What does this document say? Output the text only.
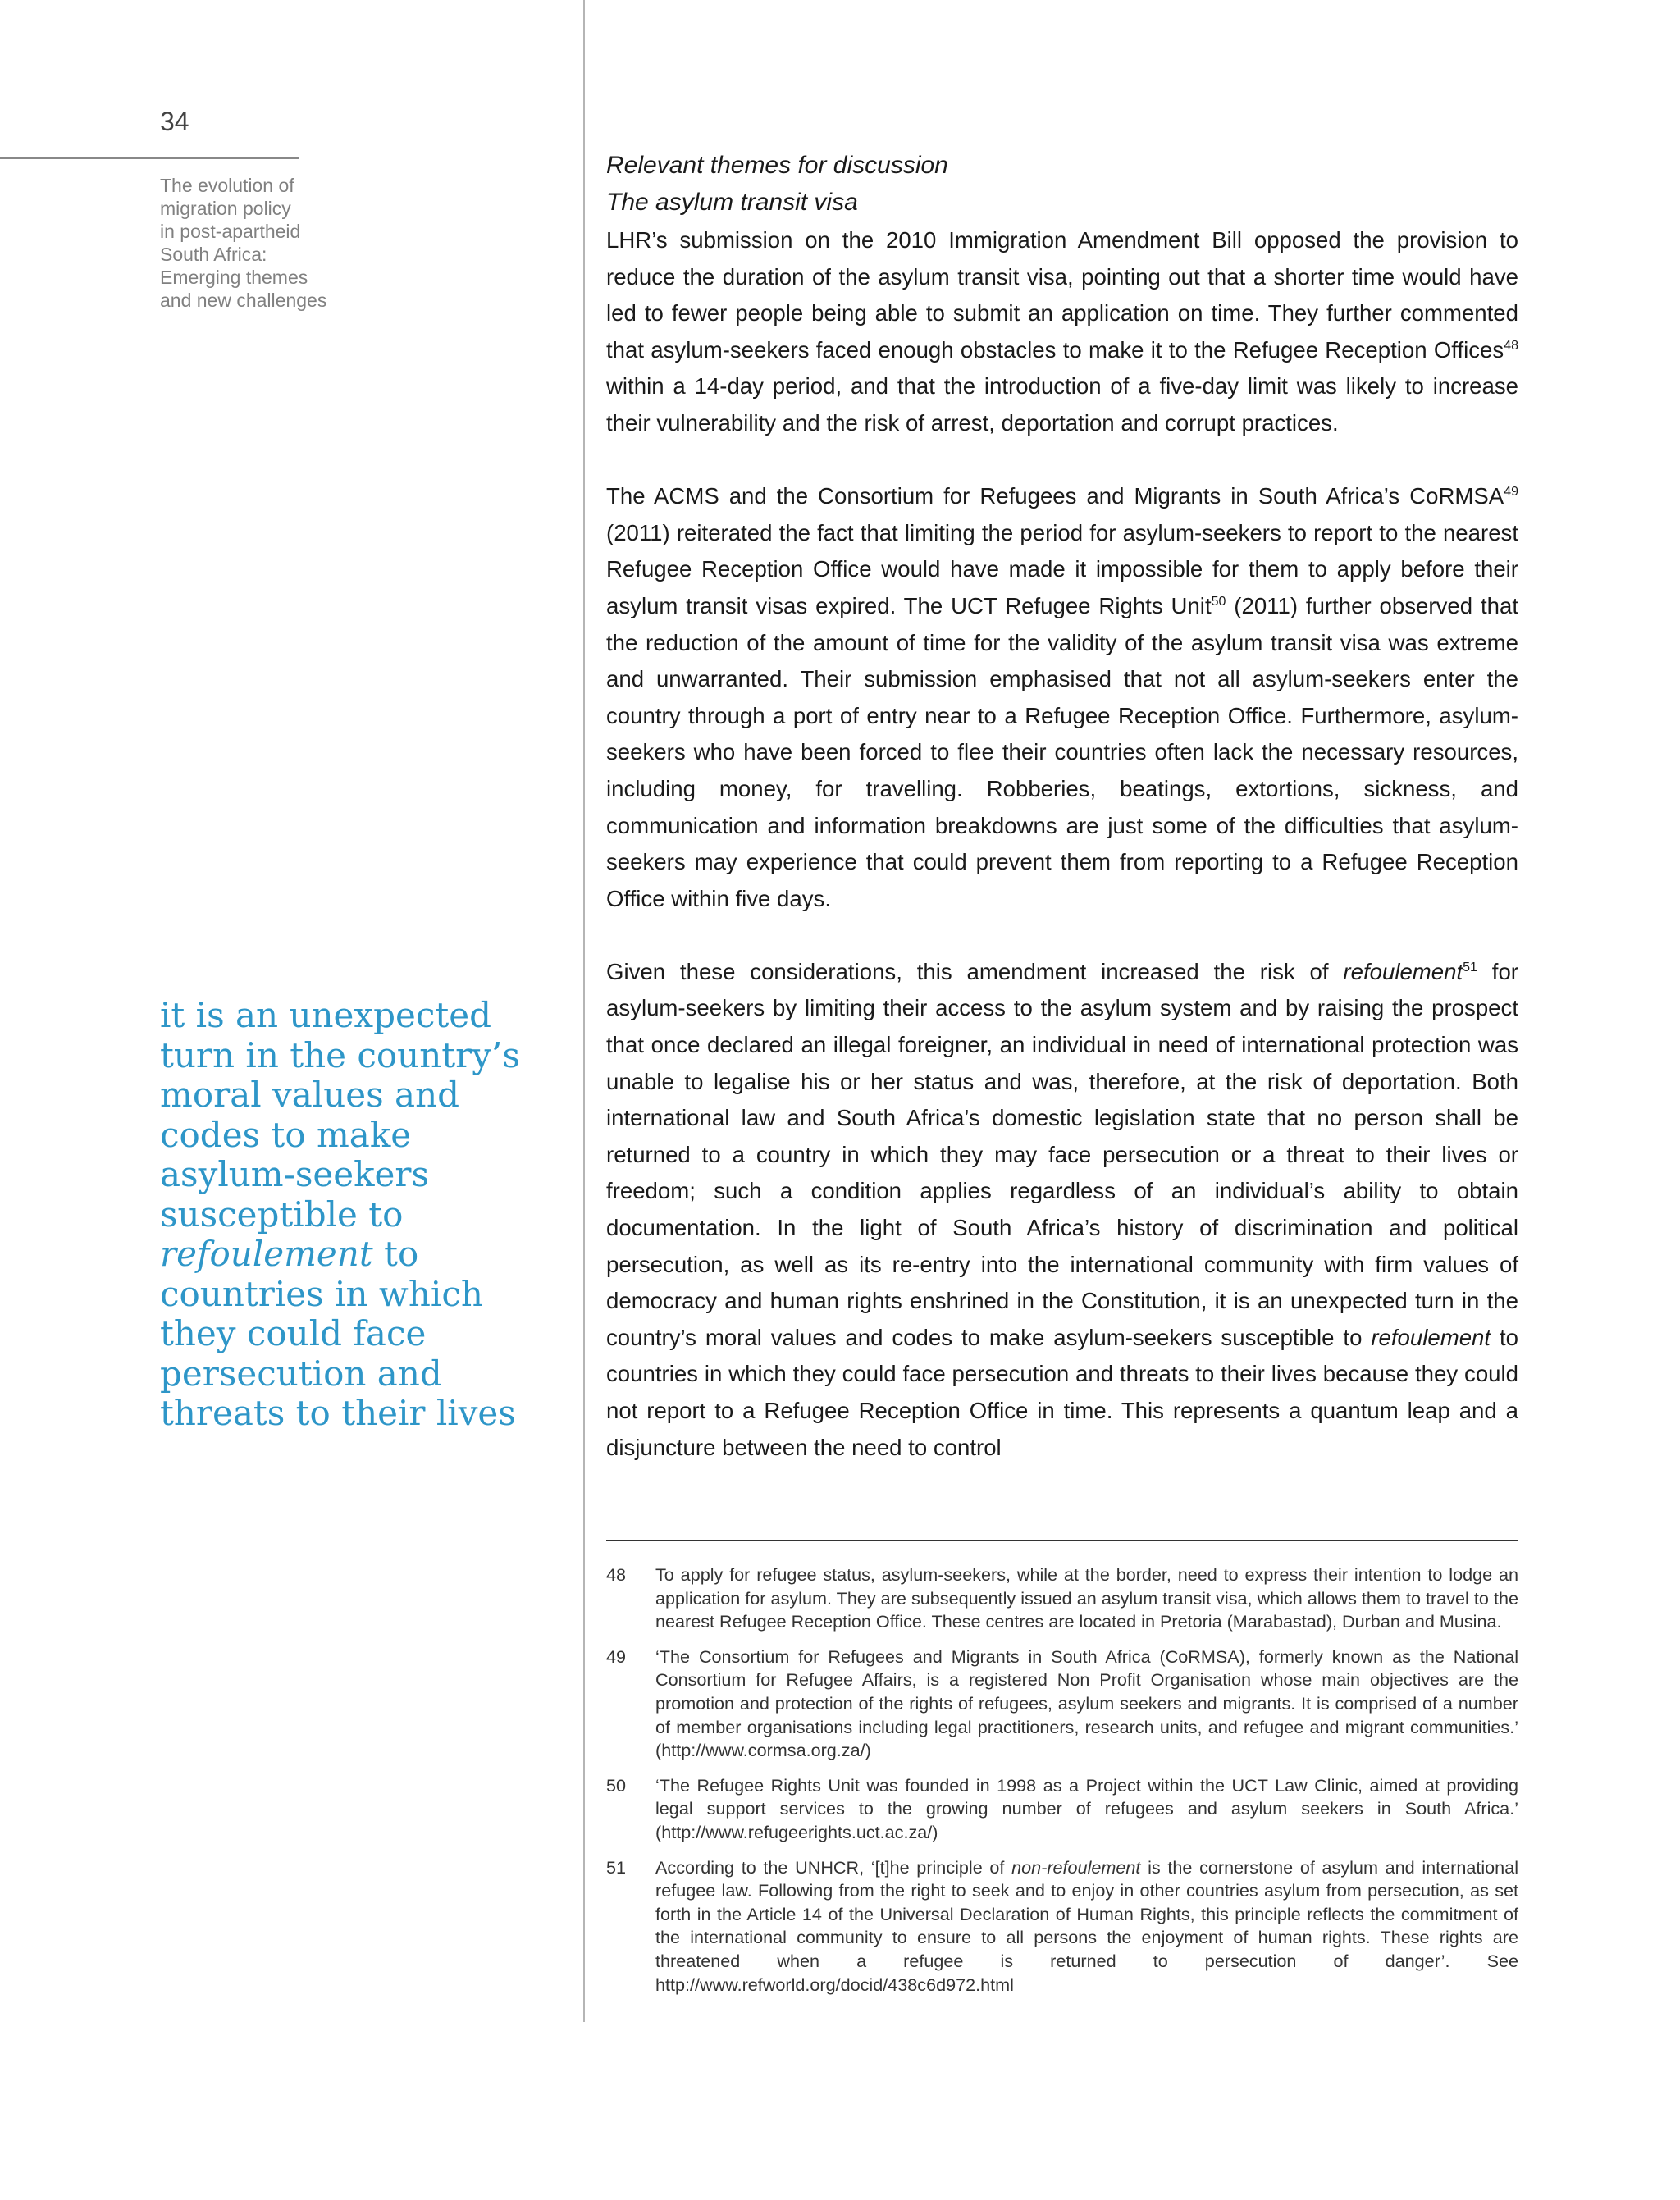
34
The evolution of
migration policy
in post-apartheid
South Africa:
Emerging themes
and new challenges
it is an unexpected turn in the country’s moral values and codes to make asylum-seekers susceptible to refoulement to countries in which they could face persecution and threats to their lives
Relevant themes for discussion
The asylum transit visa

LHR’s submission on the 2010 Immigration Amendment Bill opposed the provision to reduce the duration of the asylum transit visa, pointing out that a shorter time would have led to fewer people being able to submit an application on time. They further commented that asylum-seekers faced enough obstacles to make it to the Refugee Reception Offices$^{48}$ within a 14-day period, and that the introduction of a five-day limit was likely to increase their vulnerability and the risk of arrest, deportation and corrupt practices.

The ACMS and the Consortium for Refugees and Migrants in South Africa’s CoRMSA$^{49}$ (2011) reiterated the fact that limiting the period for asylum-seekers to report to the nearest Refugee Reception Office would have made it impossible for them to apply before their asylum transit visas expired. The UCT Refugee Rights Unit$^{50}$ (2011) further observed that the reduction of the amount of time for the validity of the asylum transit visa was extreme and unwarranted. Their submission emphasised that not all asylum-seekers enter the country through a port of entry near to a Refugee Reception Office. Furthermore, asylum-seekers who have been forced to flee their countries often lack the necessary resources, including money, for travelling. Robberies, beatings, extortions, sickness, and communication and information breakdowns are just some of the difficulties that asylum-seekers may experience that could prevent them from reporting to a Refugee Reception Office within five days.

Given these considerations, this amendment increased the risk of refoulement$^{51}$ for asylum-seekers by limiting their access to the asylum system and by raising the prospect that once declared an illegal foreigner, an individual in need of international protection was unable to legalise his or her status and was, therefore, at the risk of deportation. Both international law and South Africa’s domestic legislation state that no person shall be returned to a country in which they may face persecution or a threat to their lives or freedom; such a condition applies regardless of an individual’s ability to obtain documentation. In the light of South Africa’s history of discrimination and political persecution, as well as its re-entry into the international community with firm values of democracy and human rights enshrined in the Constitution, it is an unexpected turn in the country’s moral values and codes to make asylum-seekers susceptible to refoulement to countries in which they could face persecution and threats to their lives because they could not report to a Refugee Reception Office in time. This represents a quantum leap and a disjuncture between the need to control

48	To apply for refugee status, asylum-seekers, while at the border, need to express their intention to lodge an application for asylum. They are subsequently issued an asylum transit visa, which allows them to travel to the nearest Refugee Reception Office. These centres are located in Pretoria (Marabastad), Durban and Musina.
49	‘The Consortium for Refugees and Migrants in South Africa (CoRMSA), formerly known as the National Consortium for Refugee Affairs, is a registered Non Profit Organisation whose main objectives are the promotion and protection of the rights of refugees, asylum seekers and migrants. It is comprised of a number of member organisations including legal practitioners, research units, and refugee and migrant communities.’ (http://www.cormsa.org.za/)
50	‘The Refugee Rights Unit was founded in 1998 as a Project within the UCT Law Clinic, aimed at providing legal support services to the growing number of refugees and asylum seekers in South Africa.’ (http://www.refugeerights.uct.ac.za/)
51	According to the UNHCR, ‘[t]he principle of non-refoulement is the cornerstone of asylum and international refugee law. Following from the right to seek and to enjoy in other countries asylum from persecution, as set forth in the Article 14 of the Universal Declaration of Human Rights, this principle reflects the commitment of the international community to ensure to all persons the enjoyment of human rights. These rights are threatened when a refugee is returned to persecution of danger’. See http://www.refworld.org/docid/438c6d972.html
